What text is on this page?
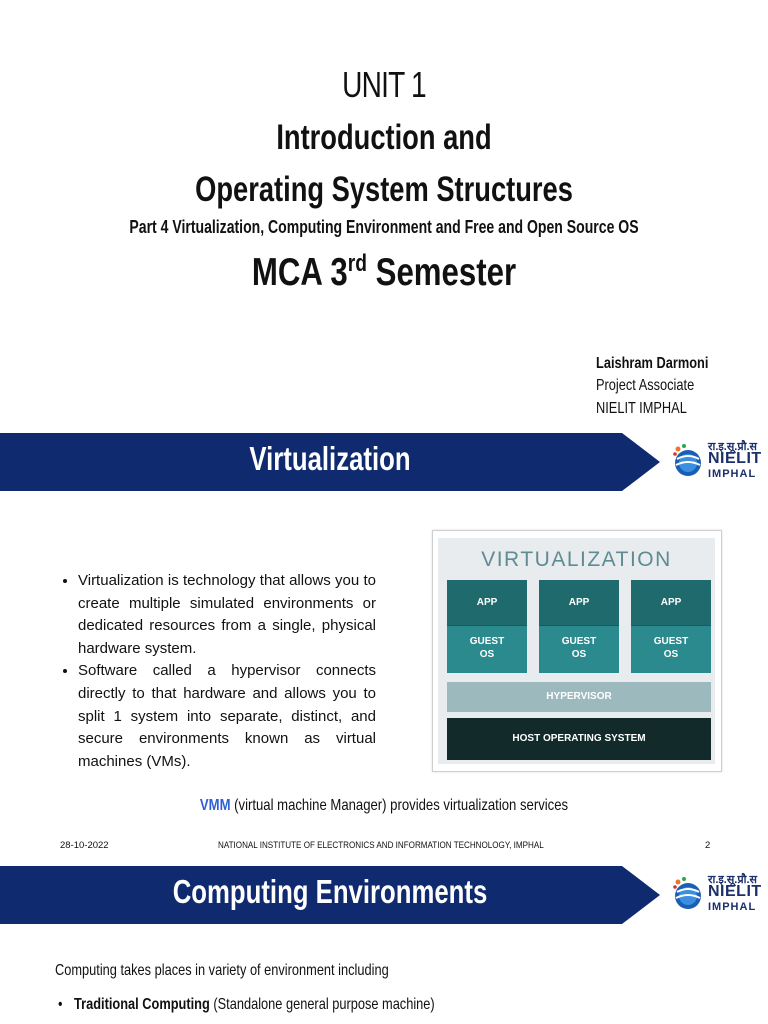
UNIT 1
Introduction and
Operating System Structures
Part 4 Virtualization, Computing Environment and Free and Open Source OS
MCA 3rd Semester
Laishram Darmoni
Project Associate
NIELIT IMPHAL
Virtualization	रा.इ.सू.प्रौ.स
NIELIT
IMPHAL
• Virtualization is technology that allows you to create multiple simulated environments or dedicated resources from a single, physical hardware system.
• Software called a hypervisor connects directly to that hardware and allows you to split 1 system into separate, distinct, and secure environments known as virtual machines (VMs).
VIRTUALIZATION
APP
GUEST
OS
APP
GUEST
OS
APP
GUEST
OS
HYPERVISOR
HOST OPERATING SYSTEM
VMM (virtual machine Manager) provides virtualization services
28-10-2022	NATIONAL INSTITUTE OF ELECTRONICS AND INFORMATION TECHNOLOGY, IMPHAL	2
Computing Environments	रा.इ.सू.प्रौ.स
NIELIT
IMPHAL
Computing takes places in variety of environment including
• Traditional Computing (Standalone general purpose machine)
